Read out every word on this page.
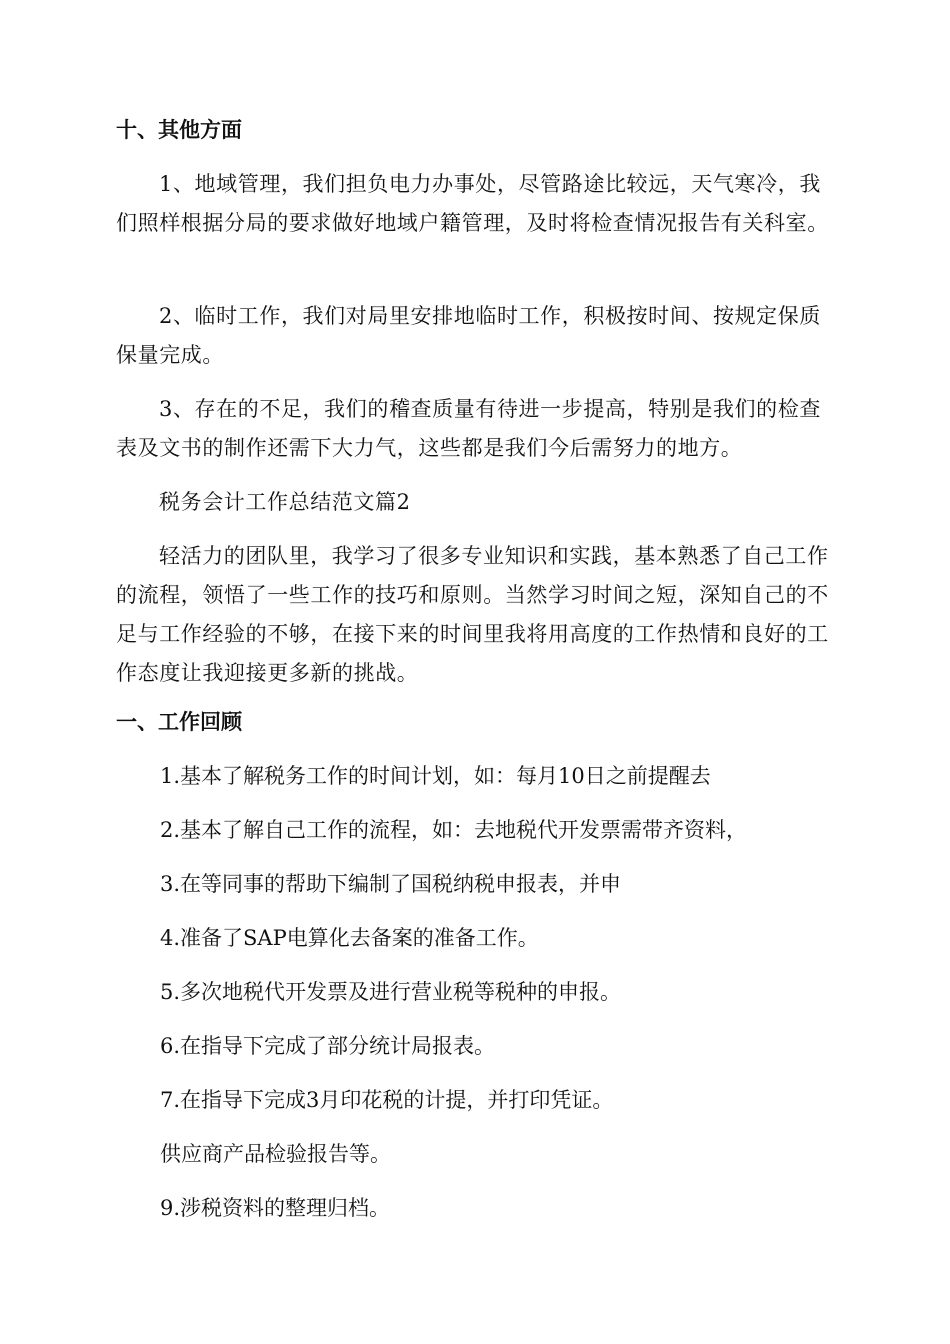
十、其他方面

1、地域管理，我们担负电力办事处，尽管路途比较远，天气寒冷，我们照样根据分局的要求做好地域户籍管理，及时将检查情况报告有关科室。

2、临时工作，我们对局里安排地临时工作，积极按时间、按规定保质保量完成。

3、存在的不足，我们的稽查质量有待进一步提高，特别是我们的检查表及文书的制作还需下大力气，这些都是我们今后需努力的地方。

税务会计工作总结范文篇2

轻活力的团队里，我学习了很多专业知识和实践，基本熟悉了自己工作的流程，领悟了一些工作的技巧和原则。当然学习时间之短，深知自己的不足与工作经验的不够，在接下来的时间里我将用高度的工作热情和良好的工作态度让我迎接更多新的挑战。

一、工作回顾

1.基本了解税务工作的时间计划，如：每月10日之前提醒去

2.基本了解自己工作的流程，如：去地税代开发票需带齐资料，

3.在等同事的帮助下编制了国税纳税申报表，并申

4.准备了SAP电算化去备案的准备工作。

5.多次地税代开发票及进行营业税等税种的申报。

6.在指导下完成了部分统计局报表。

7.在指导下完成3月印花税的计提，并打印凭证。

供应商产品检验报告等。

9.涉税资料的整理归档。
